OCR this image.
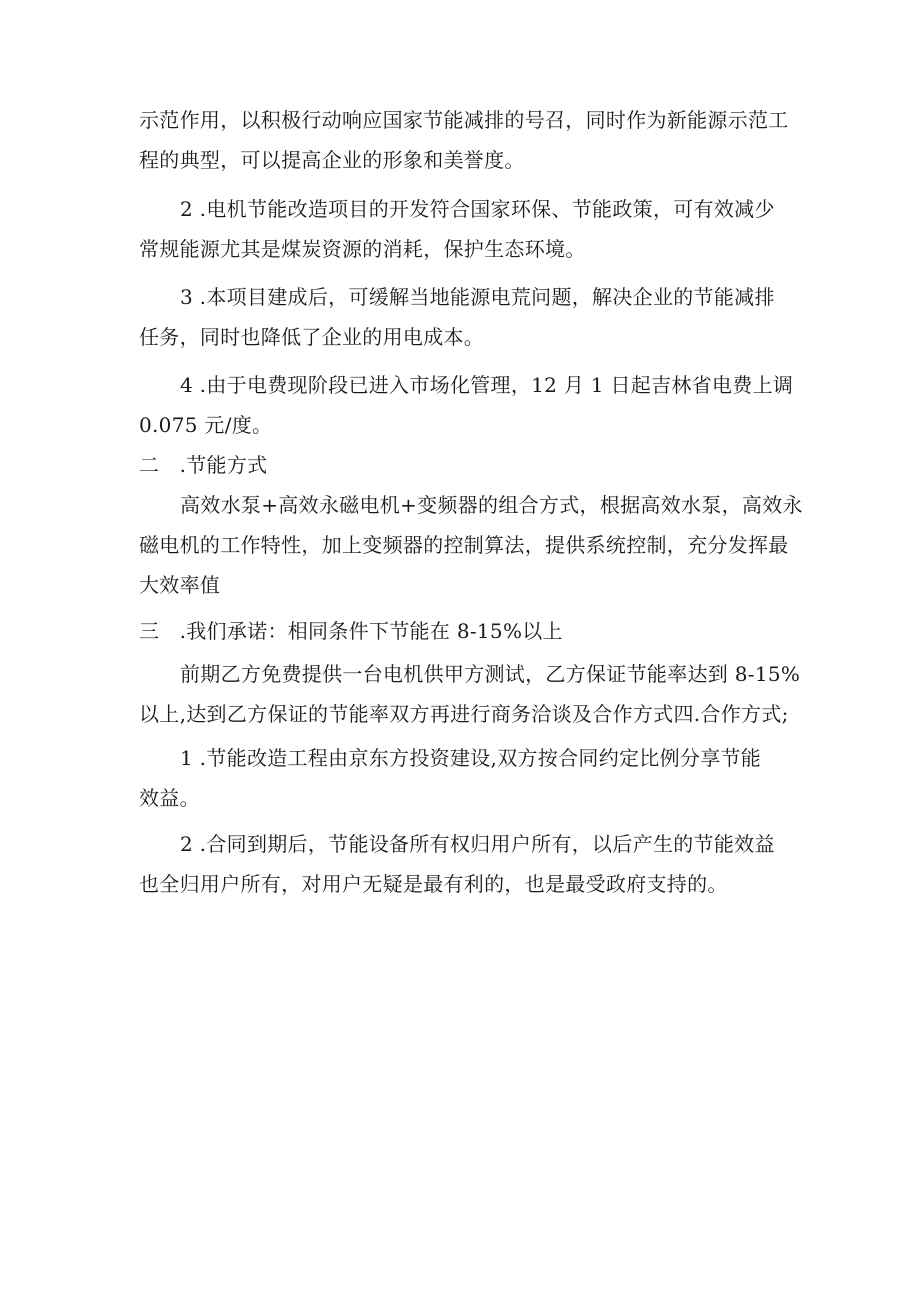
示范作用，以积极行动响应国家节能减排的号召，同时作为新能源示范工
程的典型，可以提高企业的形象和美誉度。
2 .电机节能改造项目的开发符合国家环保、节能政策，可有效减少
常规能源尤其是煤炭资源的消耗，保护生态环境。
3 .本项目建成后，可缓解当地能源电荒问题，解决企业的节能减排
任务，同时也降低了企业的用电成本。
4 .由于电费现阶段已进入市场化管理，12 月 1 日起吉林省电费上调
0.075 元/度。
二　.节能方式
高效水泵+高效永磁电机+变频器的组合方式，根据高效水泵，高效永
磁电机的工作特性，加上变频器的控制算法，提供系统控制，充分发挥最
大效率值
三　.我们承诺：相同条件下节能在 8-15%以上
前期乙方免费提供一台电机供甲方测试，乙方保证节能率达到 8-15%
以上,达到乙方保证的节能率双方再进行商务洽谈及合作方式四.合作方式;
1 .节能改造工程由京东方投资建设,双方按合同约定比例分享节能
效益。
2 .合同到期后，节能设备所有权归用户所有，以后产生的节能效益
也全归用户所有，对用户无疑是最有利的，也是最受政府支持的。
